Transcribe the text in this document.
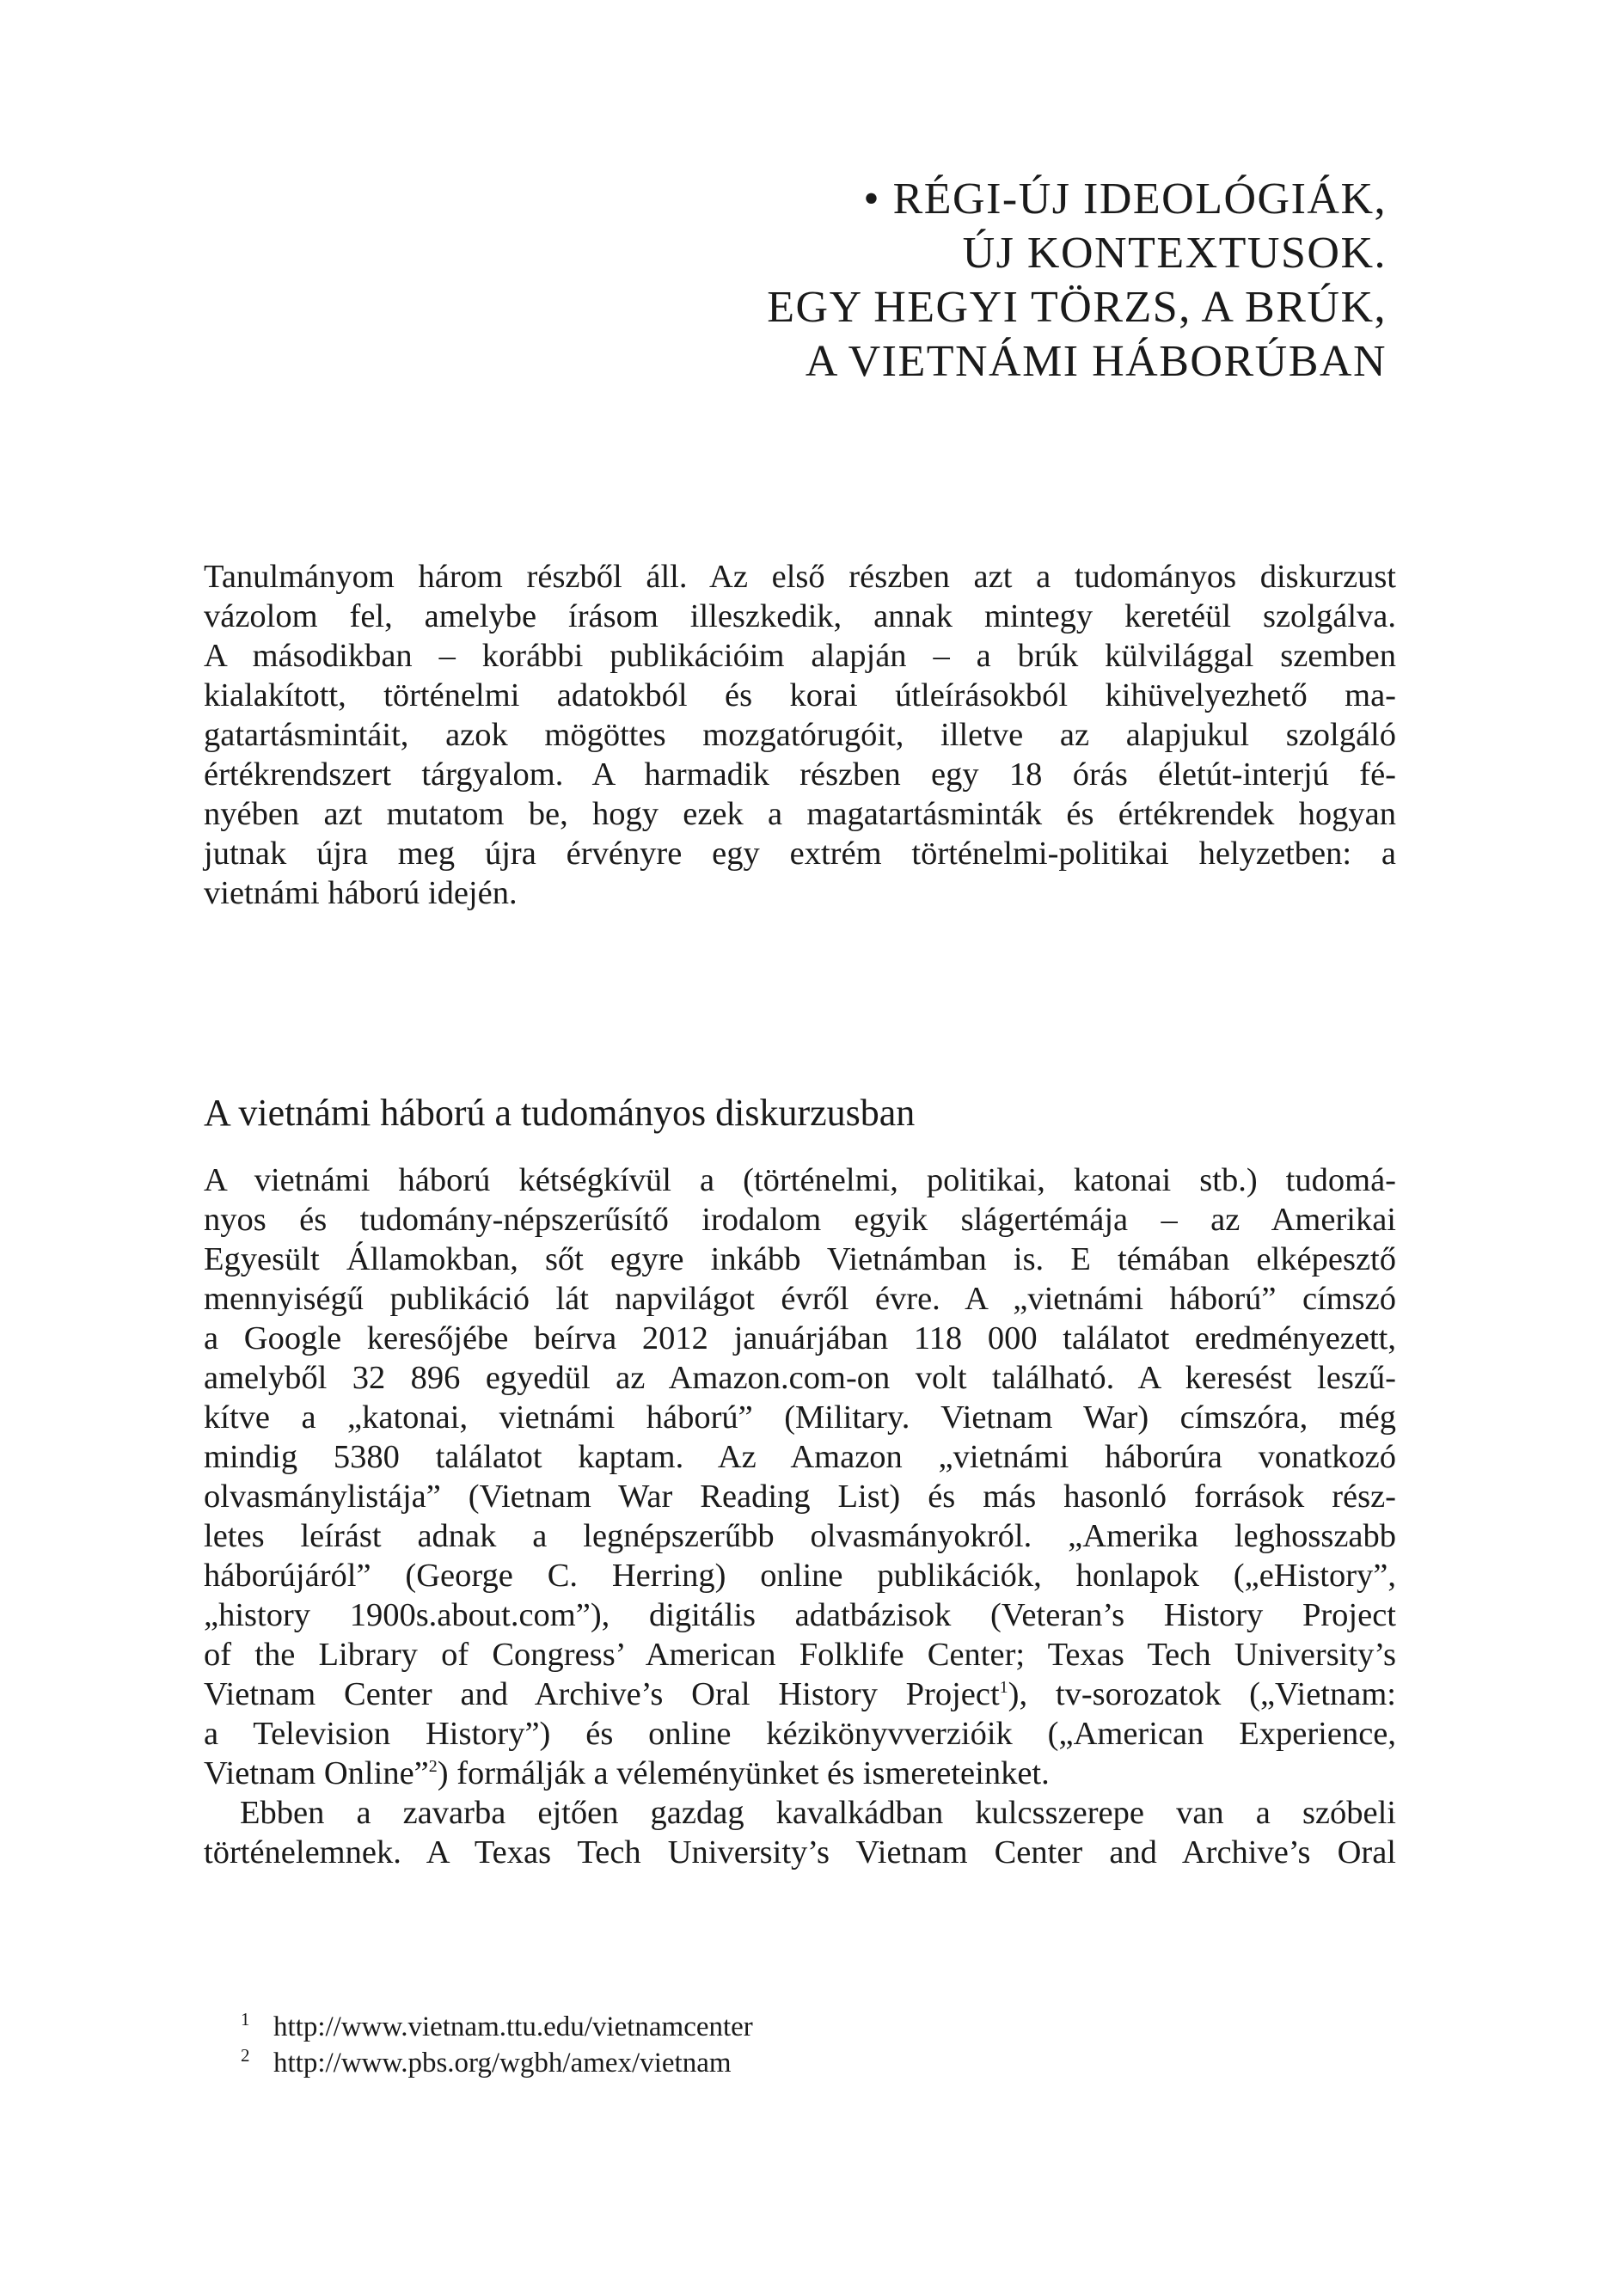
• RÉGI-ÚJ IDEOLÓGIÁK,
ÚJ KONTEXTUSOK.
EGY HEGYI TÖRZS, A BRÚK,
A VIETNÁMI HÁBORÚBAN
Tanulmányom három részből áll. Az első részben azt a tudományos diskurzust
vázolom fel, amelybe írásom illeszkedik, annak mintegy keretéül szolgálva.
A másodikban – korábbi publikációim alapján – a brúk külvilággal szemben
kialakított, történelmi adatokból és korai útleírásokból kihüvelyezhető ma-
gatartásmintáit, azok mögöttes mozgatórugóit, illetve az alapjukul szolgáló
értékrendszert tárgyalom. A harmadik részben egy 18 órás életút-interjú fé-
nyében azt mutatom be, hogy ezek a magatartásminták és értékrendek hogyan
jutnak újra meg újra érvényre egy extrém történelmi-politikai helyzetben: a
vietnámi háború idején.
A vietnámi háború a tudományos diskurzusban
A vietnámi háború kétségkívül a (történelmi, politikai, katonai stb.) tudomá-
nyos és tudomány-népszerűsítő irodalom egyik slágertémája – az Amerikai
Egyesült Államokban, sőt egyre inkább Vietnámban is. E témában elképesztő
mennyiségű publikáció lát napvilágot évről évre. A „vietnámi háború” címszó
a Google keresőjébe beírva 2012 januárjában 118 000 találatot eredményezett,
amelyből 32 896 egyedül az Amazon.com-on volt található. A keresést leszű-
kítve a „katonai, vietnámi háború” (Military. Vietnam War) címszóra, még
mindig 5380 találatot kaptam. Az Amazon „vietnámi háborúra vonatkozó
olvasmánylistája” (Vietnam War Reading List) és más hasonló források rész-
letes leírást adnak a legnépszerűbb olvasmányokról. „Amerika leghosszabb
háborújáról” (George C. Herring) online publikációk, honlapok („eHistory”,
„history 1900s.about.com”), digitális adatbázisok (Veteran’s History Project
of the Library of Congress’ American Folklife Center; Texas Tech University’s
Vietnam Center and Archive’s Oral History Project$^1$), tv-sorozatok („Vietnam:
a Television History”) és online kézikönyvverzióik („American Experience,
Vietnam Online”$^2$) formálják a véleményünket és ismereteinket.
Ebben a zavarba ejtően gazdag kavalkádban kulcsszerepe van a szóbeli
történelemnek. A Texas Tech University’s Vietnam Center and Archive’s Oral
1 http://www.vietnam.ttu.edu/vietnamcenter
2 http://www.pbs.org/wgbh/amex/vietnam
